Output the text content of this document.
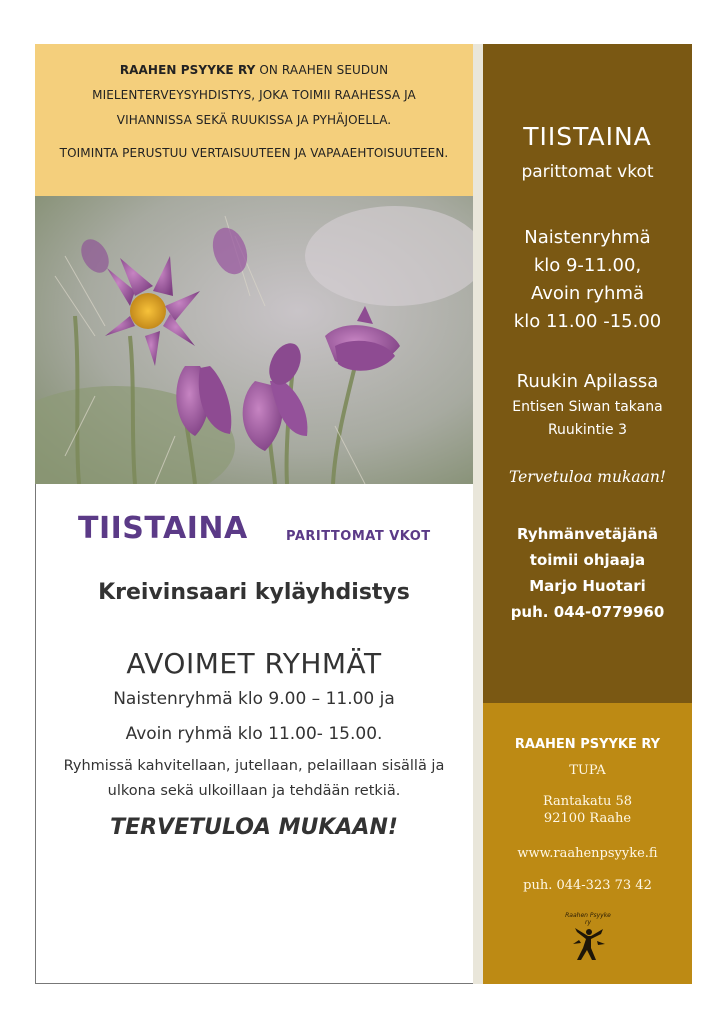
RAAHEN PSYYKE RY ON RAAHEN SEUDUN MIELENTERVEYSYHDISTYS, JOKA TOIMII RAAHESSA JA VIHANNISSA SEKÄ RUUKISSA JA PYHÄJOELLA.

TOIMINTA PERUSTUU VERTAISUUTEEN JA VAPAAEHTOISUUTEEN.

TIISTAINA	PARITTOMAT VKOT
Kreivinsaari kyläyhdistys
AVOIMET RYHMÄT
Naistenryhmä klo 9.00 – 11.00 ja
Avoin ryhmä klo 11.00- 15.00.
Ryhmissä kahvitellaan, jutellaan, pelaillaan sisällä ja
ulkona sekä ulkoillaan ja tehdään retkiä.
TERVETULOA MUKAAN!
TIISTAINA
parittomat vkot
Naistenryhmä
klo 9-11.00,
Avoin ryhmä
klo 11.00 -15.00
Ruukin Apilassa
Entisen Siwan takana
Ruukintie 3
Tervetuloa mukaan!
Ryhmänvetäjänä
toimii ohjaaja
Marjo Huotari
puh. 044-0779960
RAAHEN PSYYKE RY
TUPA
Rantakatu 58
92100 Raahe
www.raahenpsyyke.fi
puh. 044-323 73 42
Raahen Psyyke ry
